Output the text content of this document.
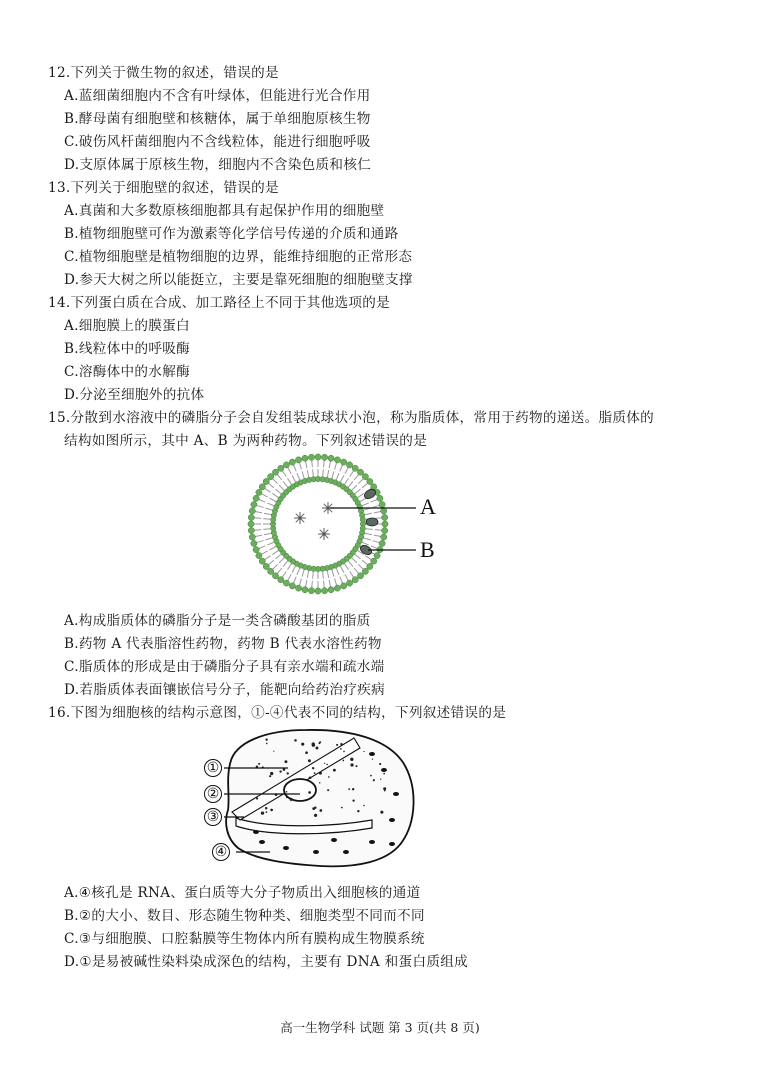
12.下列关于微生物的叙述，错误的是
A.蓝细菌细胞内不含有叶绿体，但能进行光合作用
B.酵母菌有细胞壁和核糖体，属于单细胞原核生物
C.破伤风杆菌细胞内不含线粒体，能进行细胞呼吸
D.支原体属于原核生物，细胞内不含染色质和核仁
13.下列关于细胞壁的叙述，错误的是
A.真菌和大多数原核细胞都具有起保护作用的细胞壁
B.植物细胞壁可作为激素等化学信号传递的介质和通路
C.植物细胞壁是植物细胞的边界，能维持细胞的正常形态
D.参天大树之所以能挺立，主要是靠死细胞的细胞壁支撑
14.下列蛋白质在合成、加工路径上不同于其他选项的是
A.细胞膜上的膜蛋白
B.线粒体中的呼吸酶
C.溶酶体中的水解酶
D.分泌至细胞外的抗体
15.分散到水溶液中的磷脂分子会自发组装成球状小泡，称为脂质体，常用于药物的递送。脂质体的
结构如图所示，其中 A、B 为两种药物。下列叙述错误的是
A
B
A.构成脂质体的磷脂分子是一类含磷酸基团的脂质
B.药物 A 代表脂溶性药物，药物 B 代表水溶性药物
C.脂质体的形成是由于磷脂分子具有亲水端和疏水端
D.若脂质体表面镶嵌信号分子，能靶向给药治疗疾病
16.下图为细胞核的结构示意图，①-④代表不同的结构，下列叙述错误的是
①
②
③
④
A.④核孔是 RNA、蛋白质等大分子物质出入细胞核的通道
B.②的大小、数目、形态随生物种类、细胞类型不同而不同
C.③与细胞膜、口腔黏膜等生物体内所有膜构成生物膜系统
D.①是易被碱性染料染成深色的结构，主要有 DNA 和蛋白质组成
高一生物学科 试题 第 3 页(共 8 页)
